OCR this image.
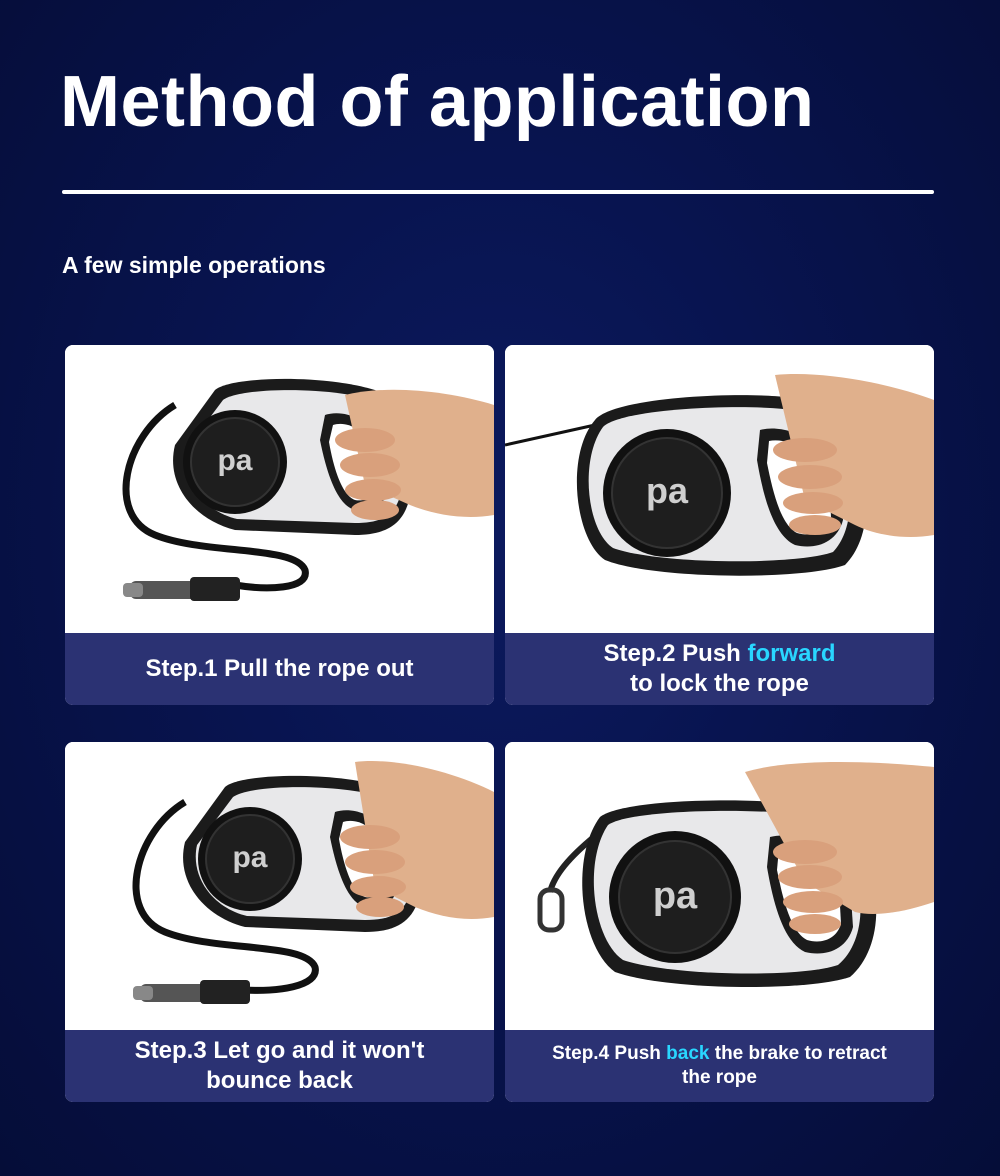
Method of application
A few simple operations
pa
Step.1 Pull the rope out
pa
Step.2 Push forward
to lock the rope
pa
Step.3 Let go and it won't
bounce back
pa
Step.4 Push back the brake to retract
the rope
